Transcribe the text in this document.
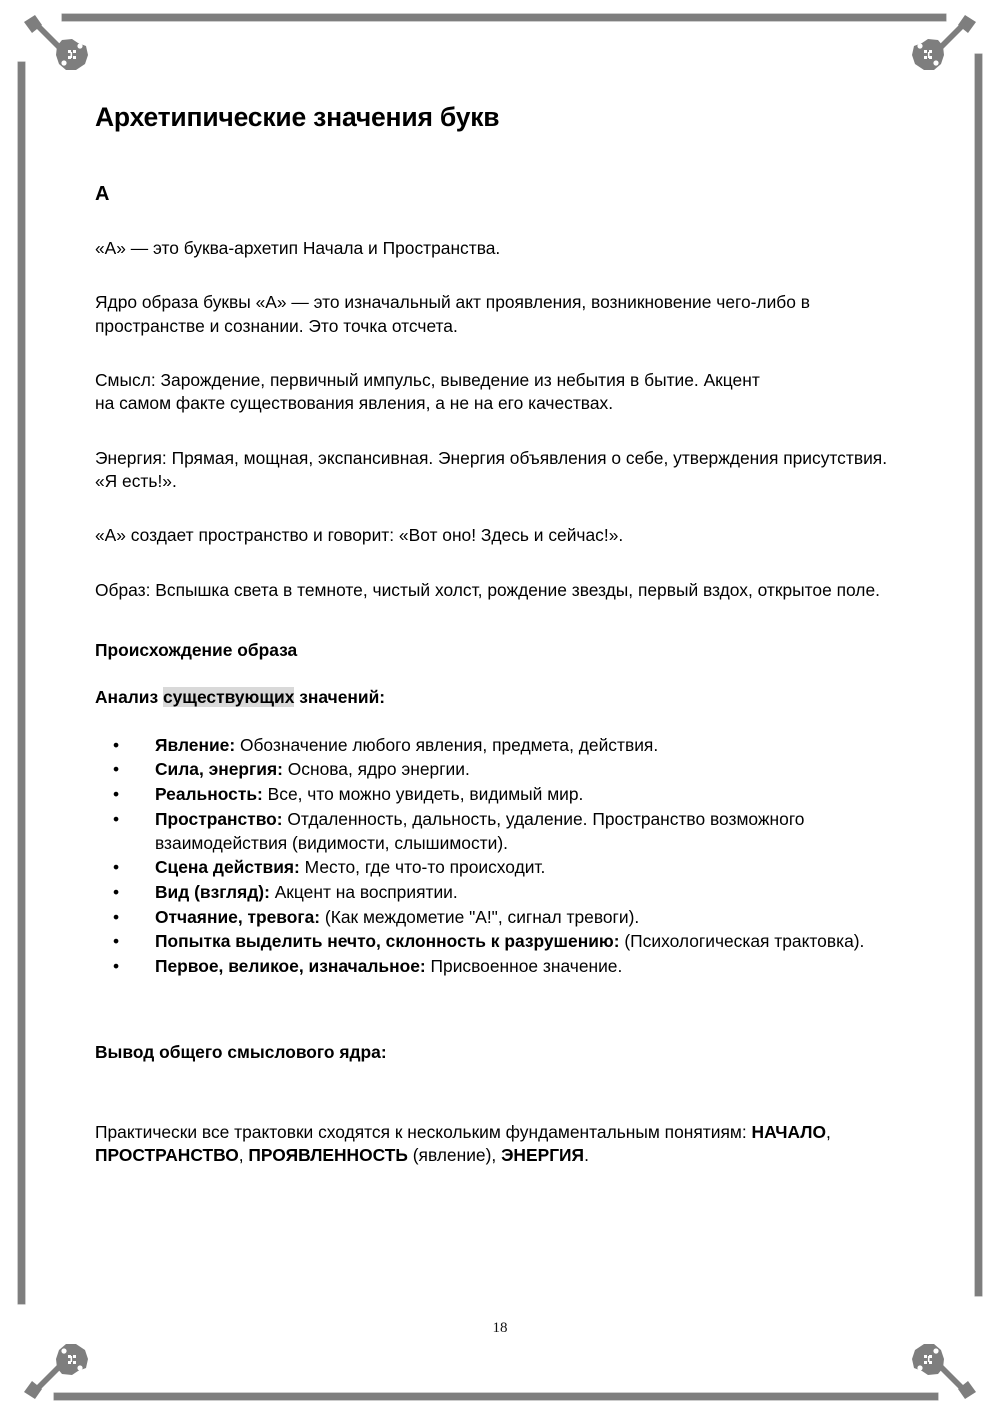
Архетипические значения букв
А

«А» — это буква-архетип Начала и Пространства.

Ядро образа буквы «А» — это изначальный акт проявления, возникновение чего-либо в пространстве и сознании. Это точка отсчета.

Смысл: Зарождение, первичный импульс, выведение из небытия в бытие. Акцент
на самом факте существования явления, а не на его качествах.

Энергия: Прямая, мощная, экспансивная. Энергия объявления о себе, утверждения присутствия. «Я есть!».

«А» создает пространство и говорит: «Вот оно! Здесь и сейчас!».

Образ: Вспышка света в темноте, чистый холст, рождение звезды, первый вздох, открытое поле.

Происхождение образа
Анализ существующих значений:
• Явление: Обозначение любого явления, предмета, действия.
• Сила, энергия: Основа, ядро энергии.
• Реальность: Все, что можно увидеть, видимый мир.
• Пространство: Отдаленность, дальность, удаление. Пространство возможного взаимодействия (видимости, слышимости).
• Сцена действия: Место, где что-то происходит.
• Вид (взгляд): Акцент на восприятии.
• Отчаяние, тревога: (Как междометие "А!", сигнал тревоги).
• Попытка выделить нечто, склонность к разрушению: (Психологическая трактовка).
• Первое, великое, изначальное: Присвоенное значение.
Вывод общего смыслового ядра:

Практически все трактовки сходятся к нескольким фундаментальным понятиям: НАЧАЛО, ПРОСТРАНСТВО, ПРОЯВЛЕННОСТЬ (явление), ЭНЕРГИЯ.

18
